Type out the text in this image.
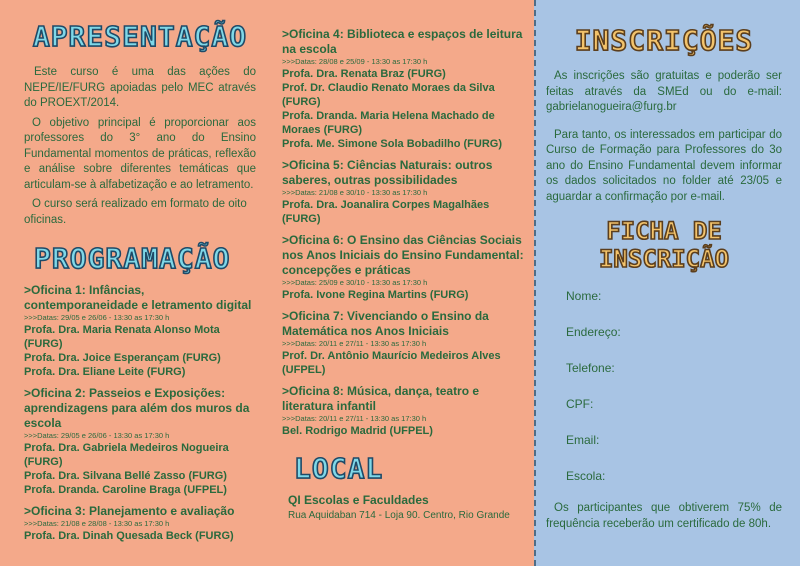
APRESENTAÇÃO

Este curso é uma das ações do NEPE/IE/FURG apoiadas pelo MEC através do PROEXT/2014.

O objetivo principal é proporcionar aos professores do 3° ano do Ensino Fundamental momentos de práticas, reflexão e análise sobre diferentes temáticas que articulam-se à alfabetização e ao letramento.

O curso será realizado em formato de oito oficinas.

PROGRAMAÇÃO
>Oficina 1: Infâncias, contemporaneidade e letramento digital
>>>Datas: 29/05 e 26/06 - 13:30 as 17:30 h
Profa. Dra. Maria Renata Alonso Mota (FURG)
Profa. Dra. Joice Esperançam (FURG)
Profa. Dra. Eliane Leite (FURG)
>Oficina 2: Passeios e Exposições: aprendizagens para além dos muros da escola
>>>Datas: 29/05 e 26/06 - 13:30 as 17:30 h
Profa. Dra. Gabriela Medeiros Nogueira (FURG)
Profa. Dra. Silvana Bellé Zasso (FURG)
Profa. Dranda. Caroline Braga (UFPEL)
>Oficina 3: Planejamento e avaliação
>>>Datas: 21/08 e 28/08 - 13:30 as 17:30 h
Profa. Dra. Dinah Quesada Beck (FURG)
>Oficina 4: Biblioteca e espaços de leitura na escola
>>>Datas: 28/08 e 25/09 - 13:30 as 17:30 h
Profa. Dra. Renata Braz (FURG)
Prof. Dr. Claudio Renato Moraes da Silva (FURG)
Profa. Dranda. Maria Helena Machado de Moraes (FURG)
Profa. Me. Simone Sola Bobadilho (FURG)
>Oficina 5: Ciências Naturais: outros saberes, outras possibilidades
>>>Datas: 21/08 e 30/10 - 13:30 as 17:30 h
Profa. Dra. Joanalira Corpes Magalhães (FURG)
>Oficina 6: O Ensino das Ciências Sociais nos Anos Iniciais do Ensino Fundamental: concepções e práticas
>>>Datas: 25/09 e 30/10 - 13:30 as 17:30 h
Profa. Ivone Regina Martins (FURG)
>Oficina 7: Vivenciando o Ensino da Matemática nos Anos Iniciais
>>>Datas: 20/11 e 27/11 - 13:30 as 17:30 h
Prof. Dr. Antônio Maurício Medeiros Alves (UFPEL)
>Oficina 8: Música, dança, teatro e literatura infantil
>>>Datas: 20/11 e 27/11 - 13:30 as 17:30 h
Bel. Rodrigo Madrid (UFPEL)
LOCAL
QI Escolas e Faculdades
Rua Aquidaban 714 - Loja 90. Centro, Rio Grande
INSCRIÇÕES

As inscrições são gratuitas e poderão ser feitas através da SMEd ou do e-mail: gabrielanogueira@furg.br

Para tanto, os interessados em participar do Curso de Formação para Professores do 3o ano do Ensino Fundamental devem informar os dados solicitados no folder até 23/05 e aguardar a confirmação por e-mail.

FICHA DE INSCRIÇÃO
Nome:
Endereço:
Telefone:
CPF:
Email:
Escola:

Os participantes que obtiverem 75% de frequência receberão um certificado de 80h.
